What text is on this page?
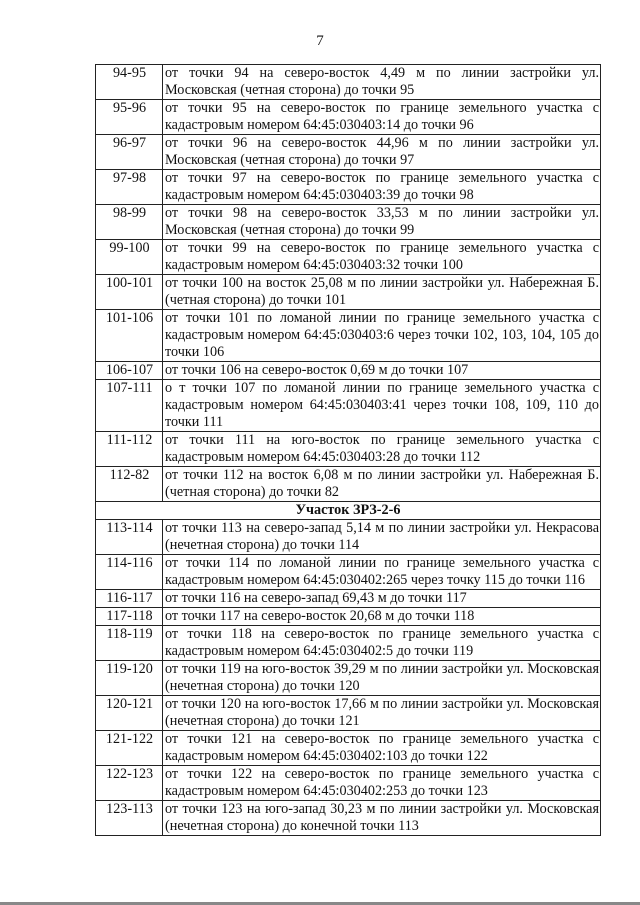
7
94-95	от точки 94 на северо-восток 4,49 м по линии застройки ул. Московская (четная сторона) до точки 95
95-96	от точки 95 на северо-восток по границе земельного участка с кадастровым номером 64:45:030403:14 до точки 96
96-97	от точки 96 на северо-восток 44,96 м по линии застройки ул. Московская (четная сторона) до точки 97
97-98	от точки 97 на северо-восток по границе земельного участка с кадастровым номером 64:45:030403:39 до точки 98
98-99	от точки 98 на северо-восток 33,53 м по линии застройки ул. Московская (четная сторона) до точки 99
99-100	от точки 99 на северо-восток по границе земельного участка с кадастровым номером 64:45:030403:32 точки 100
100-101	от точки 100 на восток 25,08 м по линии застройки ул. Набережная Б. (четная сторона) до точки 101
101-106	от точки 101 по ломаной линии по границе земельного участка с кадастровым номером 64:45:030403:6 через точки 102, 103, 104, 105 до точки 106
106-107	от точки 106 на северо-восток 0,69 м до точки 107
107-111	о т точки 107 по ломаной линии по границе земельного участка с кадастровым номером 64:45:030403:41 через точки 108, 109, 110 до точки 111
111-112	от точки 111 на юго-восток по границе земельного участка с кадастровым номером 64:45:030403:28 до точки 112
112-82	от точки 112 на восток 6,08 м по линии застройки ул. Набережная Б. (четная сторона) до точки 82
Участок ЗРЗ-2-6	
113-114	от точки 113 на северо-запад 5,14 м по линии застройки ул. Некрасова (нечетная сторона) до точки 114
114-116	от точки 114 по ломаной линии по границе земельного участка с кадастровым номером 64:45:030402:265 через точку 115 до точки 116
116-117	от точки 116 на северо-запад 69,43 м до точки 117
117-118	от точки 117 на северо-восток 20,68 м до точки 118
118-119	от точки 118 на северо-восток по границе земельного участка с кадастровым номером 64:45:030402:5 до точки 119
119-120	от точки 119 на юго-восток 39,29 м по линии застройки ул. Московская (нечетная сторона) до точки 120
120-121	от точки 120 на юго-восток 17,66 м по линии застройки ул. Московская (нечетная сторона) до точки 121
121-122	от точки 121 на северо-восток по границе земельного участка с кадастровым номером 64:45:030402:103 до точки 122
122-123	от точки 122 на северо-восток по границе земельного участка с кадастровым номером 64:45:030402:253 до точки 123
123-113	от точки 123 на юго-запад 30,23 м по линии застройки ул. Московская (нечетная сторона) до конечной точки 113
